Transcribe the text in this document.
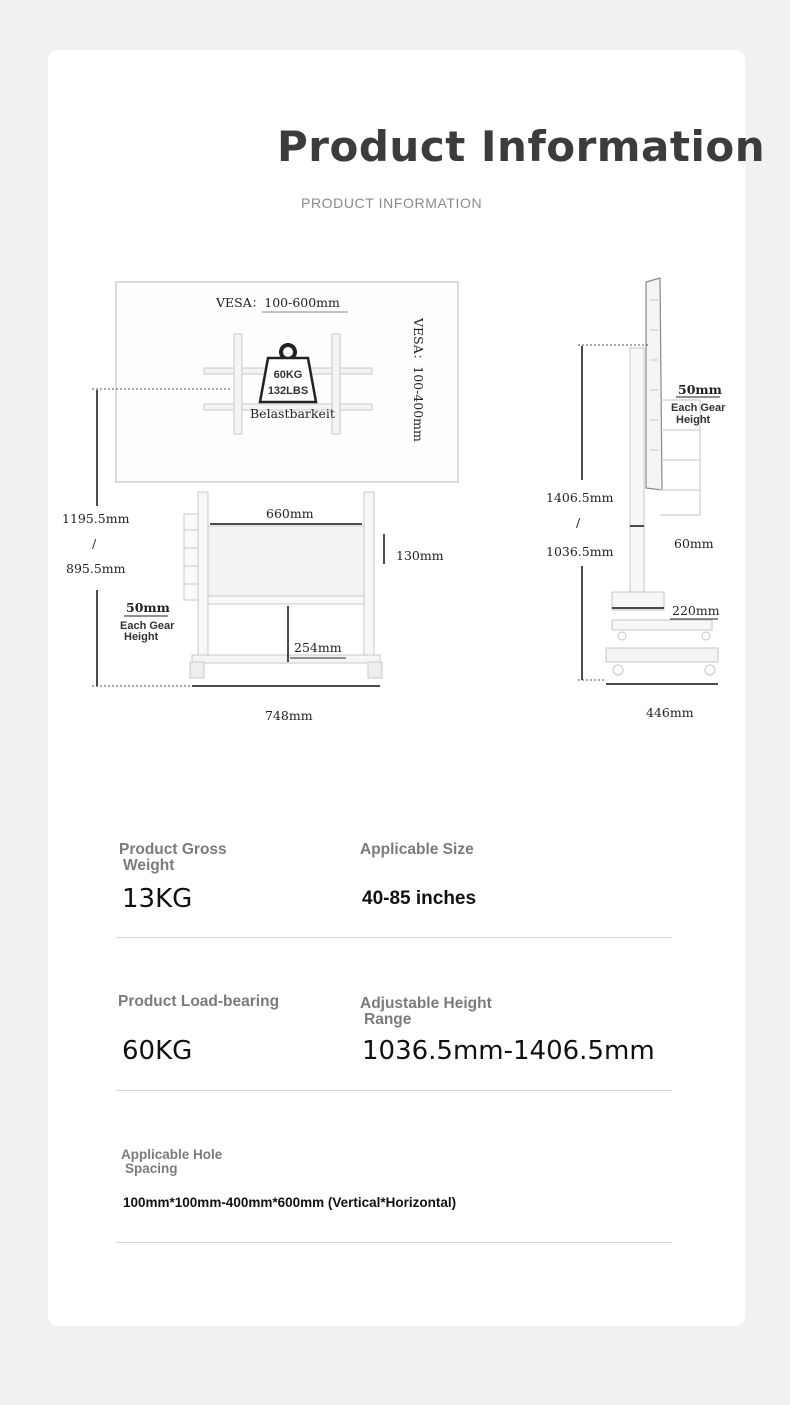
Product Information
PRODUCT INFORMATION
60KG
132LBS
Belastbarkeit
VESA：100-600mm
VESA：100-400mm
1195.5mm
/
895.5mm
50mm
Each Gear
Height
660mm
130mm
254mm
748mm
1406.5mm
/
1036.5mm
50mm
Each Gear
Height
60mm
220mm
446mm
Product Gross
Weight
13KG
Applicable Size
40-85 inches
Product Load-bearing
60KG
Adjustable Height
Range
1036.5mm-1406.5mm
Applicable Hole
Spacing
100mm*100mm-400mm*600mm (Vertical*Horizontal)
